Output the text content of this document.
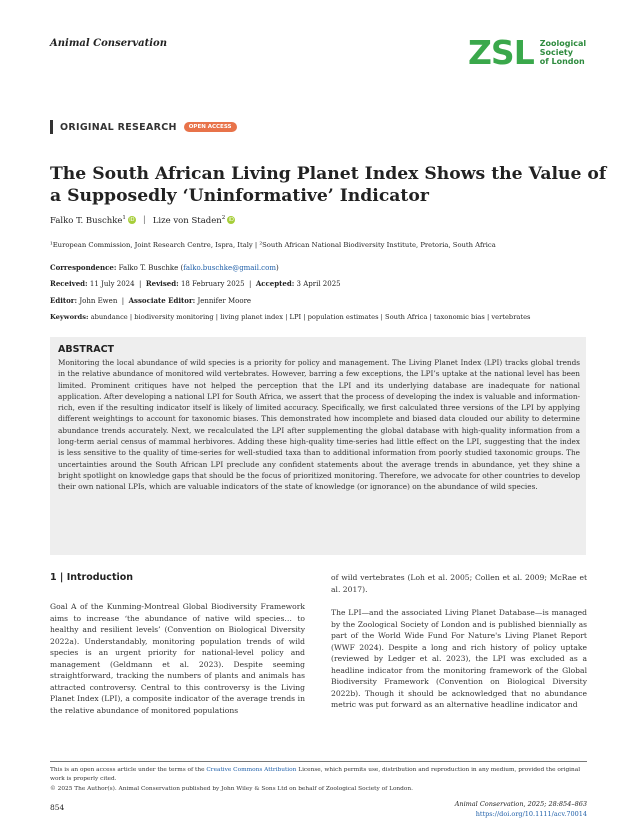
Animal Conservation	ZSL Zoological
Society
of London
ORIGINAL RESEARCH	OPEN ACCESS
The South African Living Planet Index Shows the Value of a Supposedly ‘Uninformative’ Indicator
Falko T. Buschke$^1$ iD | Lize von Staden$^2$ iD
¹European Commission, Joint Research Centre, Ispra, Italy | ²South African National Biodiversity Institute, Pretoria, South Africa
Correspondence: Falko T. Buschke (falko.buschke@gmail.com)
Received: 11 July 2024  |  Revised: 18 February 2025  |  Accepted: 3 April 2025
Editor: John Ewen  |  Associate Editor: Jennifer Moore
Keywords: abundance | biodiversity monitoring | living planet index | LPI | population estimates | South Africa | taxonomic bias | vertebrates
ABSTRACT
Monitoring the local abundance of wild species is a priority for policy and management. The Living Planet Index (LPI) tracks global trends in the relative abundance of monitored wild vertebrates. However, barring a few exceptions, the LPI’s uptake at the national level has been limited. Prominent critiques have not helped the perception that the LPI and its underlying database are inadequate for national application. After developing a national LPI for South Africa, we assert that the process of developing the index is valuable and information-rich, even if the resulting indicator itself is likely of limited accuracy. Specifically, we first calculated three versions of the LPI by applying different weightings to account for taxonomic biases. This demonstrated how incomplete and biased data clouded our ability to determine abundance trends accurately. Next, we recalculated the LPI after supplementing the global database with high-quality information from a long-term aerial census of mammal herbivores. Adding these high-quality time-series had little effect on the LPI, suggesting that the index is less sensitive to the quality of time-series for well-studied taxa than to additional information from poorly studied taxonomic groups. The uncertainties around the South African LPI preclude any confident statements about the average trends in abundance, yet they shine a bright spotlight on knowledge gaps that should be the focus of prioritized monitoring. Therefore, we advocate for other countries to develop their own national LPIs, which are valuable indicators of the state of knowledge (or ignorance) on the abundance of wild species.
1 | Introduction
Goal A of the Kunming-Montreal Global Biodiversity Framework aims to increase ‘the abundance of native wild species… to healthy and resilient levels’ (Convention on Biological Diversity 2022a). Understandably, monitoring population trends of wild species is an urgent priority for national-level policy and management (Geldmann et al. 2023). Despite seeming straightforward, tracking the numbers of plants and animals has attracted controversy. Central to this controversy is the Living Planet Index (LPI), a composite indicator of the average trends in the relative abundance of monitored populations
of wild vertebrates (Loh et al. 2005; Collen et al. 2009; McRae et al. 2017).
The LPI—and the associated Living Planet Database—is managed by the Zoological Society of London and is published biennially as part of the World Wide Fund For Nature's Living Planet Report (WWF 2024). Despite a long and rich history of policy uptake (reviewed by Ledger et al. 2023), the LPI was excluded as a headline indicator from the monitoring framework of the Global Biodiversity Framework (Convention on Biological Diversity 2022b). Though it should be acknowledged that no abundance metric was put forward as an alternative headline indicator and
This is an open access article under the terms of the Creative Commons Attribution License, which permits use, distribution and reproduction in any medium, provided the original work is properly cited.
© 2025 The Author(s). Animal Conservation published by John Wiley & Sons Ltd on behalf of Zoological Society of London.
854	Animal Conservation, 2025; 28:854–863
https://doi.org/10.1111/acv.70014
